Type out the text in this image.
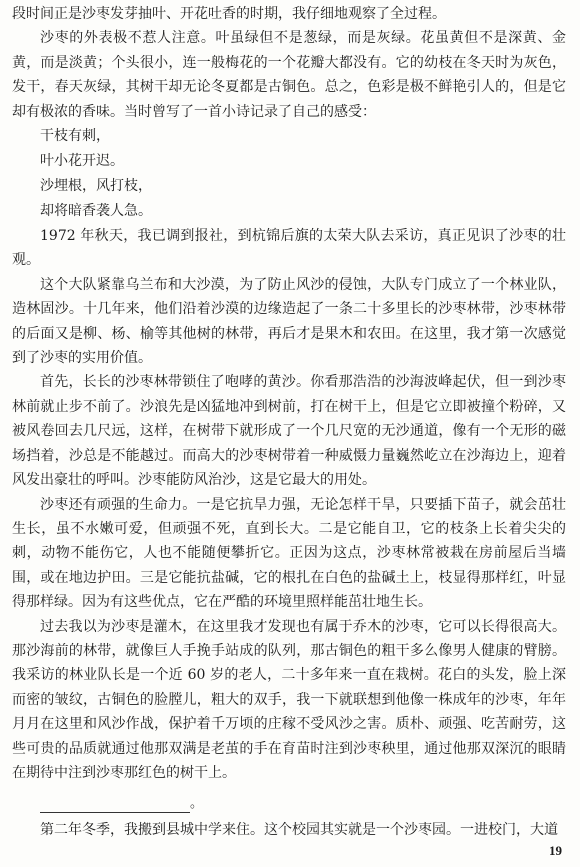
段时间正是沙枣发芽抽叶、开花吐香的时期，我仔细地观察了全过程。

沙枣的外表极不惹人注意。叶虽绿但不是葱绿，而是灰绿。花虽黄但不是深黄、金黄，而是淡黄；个头很小，连一般梅花的一个花瓣大都没有。它的幼枝在冬天时为灰色，发干，春天灰绿，其树干却无论冬夏都是古铜色。总之，色彩是极不鲜艳引人的，但是它却有极浓的香味。当时曾写了一首小诗记录了自己的感受：

干枝有刺，

叶小花开迟。

沙埋根，风打枝，

却将暗香袭人急。

1972 年秋天，我已调到报社，到杭锦后旗的太荣大队去采访，真正见识了沙枣的壮观。

这个大队紧靠乌兰布和大沙漠，为了防止风沙的侵蚀，大队专门成立了一个林业队，造林固沙。十几年来，他们沿着沙漠的边缘造起了一条二十多里长的沙枣林带，沙枣林带的后面又是柳、杨、榆等其他树的林带，再后才是果木和农田。在这里，我才第一次感觉到了沙枣的实用价值。

首先，长长的沙枣林带锁住了咆哮的黄沙。你看那浩浩的沙海波峰起伏，但一到沙枣林前就止步不前了。沙浪先是凶猛地冲到树前，打在树干上，但是它立即被撞个粉碎，又被风卷回去几尺远，这样，在树带下就形成了一个几尺宽的无沙通道，像有一个无形的磁场挡着，沙总是不能越过。而高大的沙枣树带着一种威慑力量巍然屹立在沙海边上，迎着风发出豪壮的呼叫。沙枣能防风治沙，这是它最大的用处。

沙枣还有顽强的生命力。一是它抗旱力强，无论怎样干旱，只要插下苗子，就会茁壮生长，虽不水嫩可爱，但顽强不死，直到长大。二是它能自卫，它的枝条上长着尖尖的刺，动物不能伤它，人也不能随便攀折它。正因为这点，沙枣林常被栽在房前屋后当墙围，或在地边护田。三是它能抗盐碱，它的根扎在白色的盐碱土上，枝显得那样红，叶显得那样绿。因为有这些优点，它在严酷的环境里照样能茁壮地生长。

过去我以为沙枣是灌木，在这里我才发现也有属于乔木的沙枣，它可以长得很高大。那沙海前的林带，就像巨人手挽手站成的队列，那古铜色的粗干多么像男人健康的臂膀。我采访的林业队长是一个近 60 岁的老人，二十多年来一直在栽树。花白的头发，脸上深而密的皱纹，古铜色的脸膛儿，粗大的双手，我一下就联想到他像一株成年的沙枣，年年月月在这里和风沙作战，保护着千万顷的庄稼不受风沙之害。质朴、顽强、吃苦耐劳，这些可贵的品质就通过他那双满是老茧的手在育苗时注到沙枣秧里，通过他那双深沉的眼睛在期待中注到沙枣那红色的树干上。

。

第二年冬季，我搬到县城中学来住。这个校园其实就是一个沙枣园。一进校门，大道

19
